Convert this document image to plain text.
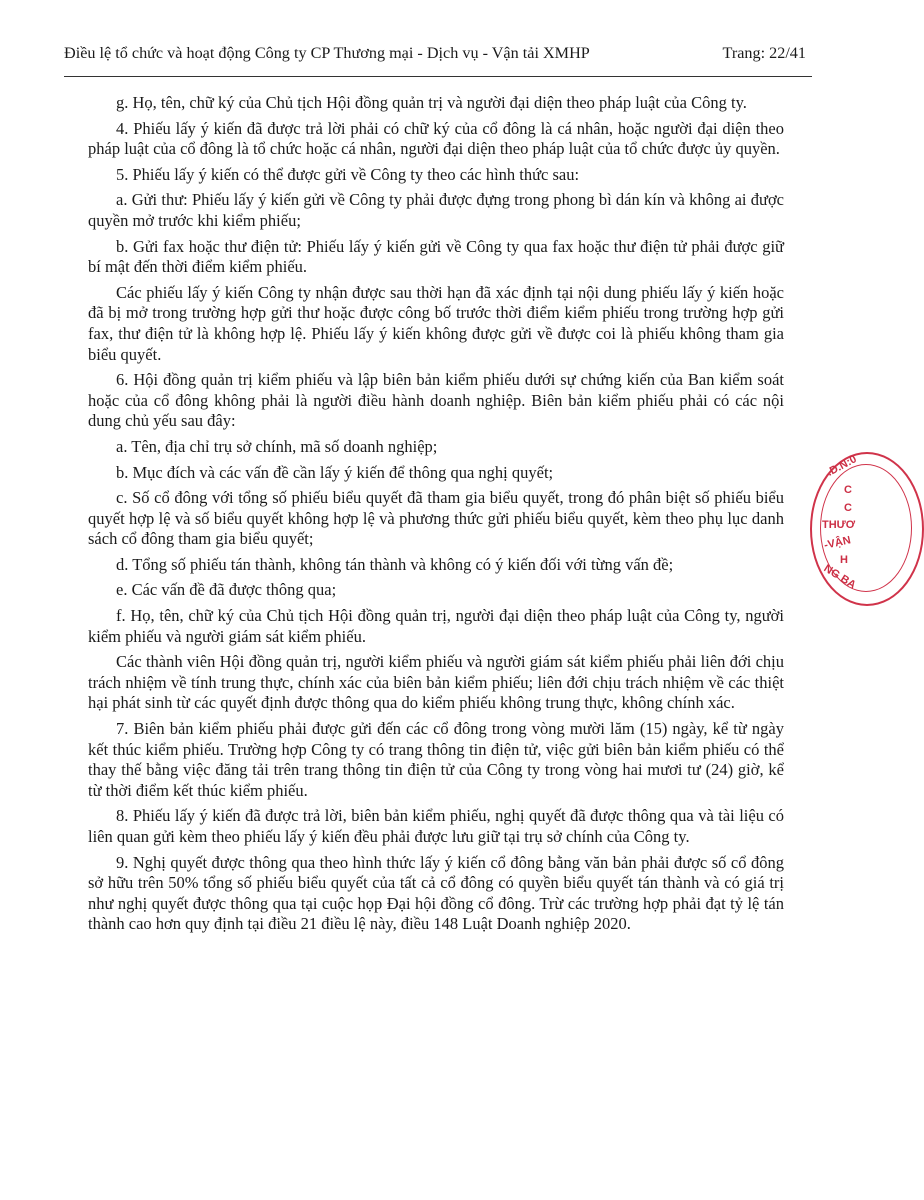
Điều lệ tổ chức và hoạt động Công ty CP Thương mại - Dịch vụ - Vận tải XMHP	Trang: 22/41

g. Họ, tên, chữ ký của Chủ tịch Hội đồng quản trị và người đại diện theo pháp luật của Công ty.

4. Phiếu lấy ý kiến đã được trả lời phải có chữ ký của cổ đông là cá nhân, hoặc người đại diện theo pháp luật của cổ đông là tổ chức hoặc cá nhân, người đại diện theo pháp luật của tổ chức được ủy quyền.

5. Phiếu lấy ý kiến có thể được gửi về Công ty theo các hình thức sau:

a. Gửi thư: Phiếu lấy ý kiến gửi về Công ty phải được đựng trong phong bì dán kín và không ai được quyền mở trước khi kiểm phiếu;

b. Gửi fax hoặc thư điện tử: Phiếu lấy ý kiến gửi về Công ty qua fax hoặc thư điện tử phải được giữ bí mật đến thời điểm kiểm phiếu.

Các phiếu lấy ý kiến Công ty nhận được sau thời hạn đã xác định tại nội dung phiếu lấy ý kiến hoặc đã bị mở trong trường hợp gửi thư hoặc được công bố trước thời điểm kiểm phiếu trong trường hợp gửi fax, thư điện tử là không hợp lệ. Phiếu lấy ý kiến không được gửi về được coi là phiếu không tham gia biểu quyết.

6. Hội đồng quản trị kiểm phiếu và lập biên bản kiểm phiếu dưới sự chứng kiến của Ban kiểm soát hoặc của cổ đông không phải là người điều hành doanh nghiệp. Biên bản kiểm phiếu phải có các nội dung chủ yếu sau đây:

a. Tên, địa chỉ trụ sở chính, mã số doanh nghiệp;

b. Mục đích và các vấn đề cần lấy ý kiến để thông qua nghị quyết;

c. Số cổ đông với tổng số phiếu biểu quyết đã tham gia biểu quyết, trong đó phân biệt số phiếu biểu quyết hợp lệ và số biểu quyết không hợp lệ và phương thức gửi phiếu biểu quyết, kèm theo phụ lục danh sách cổ đông tham gia biểu quyết;

d. Tổng số phiếu tán thành, không tán thành và không có ý kiến đối với từng vấn đề;

e. Các vấn đề đã được thông qua;

f. Họ, tên, chữ ký của Chủ tịch Hội đồng quản trị, người đại diện theo pháp luật của Công ty, người kiểm phiếu và người giám sát kiểm phiếu.

Các thành viên Hội đồng quản trị, người kiểm phiếu và người giám sát kiểm phiếu phải liên đới chịu trách nhiệm về tính trung thực, chính xác của biên bản kiểm phiếu; liên đới chịu trách nhiệm về các thiệt hại phát sinh từ các quyết định được thông qua do kiểm phiếu không trung thực, không chính xác.

7. Biên bản kiểm phiếu phải được gửi đến các cổ đông trong vòng mười lăm (15) ngày, kể từ ngày kết thúc kiểm phiếu. Trường hợp Công ty có trang thông tin điện tử, việc gửi biên bản kiểm phiếu có thể thay thế bằng việc đăng tải trên trang thông tin điện tử của Công ty trong vòng hai mươi tư (24) giờ, kể từ thời điểm kết thúc kiểm phiếu.

8. Phiếu lấy ý kiến đã được trả lời, biên bản kiểm phiếu, nghị quyết đã được thông qua và tài liệu có liên quan gửi kèm theo phiếu lấy ý kiến đều phải được lưu giữ tại trụ sở chính của Công ty.

9. Nghị quyết được thông qua theo hình thức lấy ý kiến cổ đông bằng văn bản phải được số cổ đông sở hữu trên 50% tổng số phiếu biểu quyết của tất cả cổ đông có quyền biểu quyết tán thành và có giá trị như nghị quyết được thông qua tại cuộc họp Đại hội đồng cổ đông. Trừ các trường hợp phải đạt tỷ lệ tán thành cao hơn quy định tại điều 21 điều lệ này, điều 148 Luật Doanh nghiệp 2020.

.D.N:0
C
C
THƯƠ
-VẬN
H
NG BA
